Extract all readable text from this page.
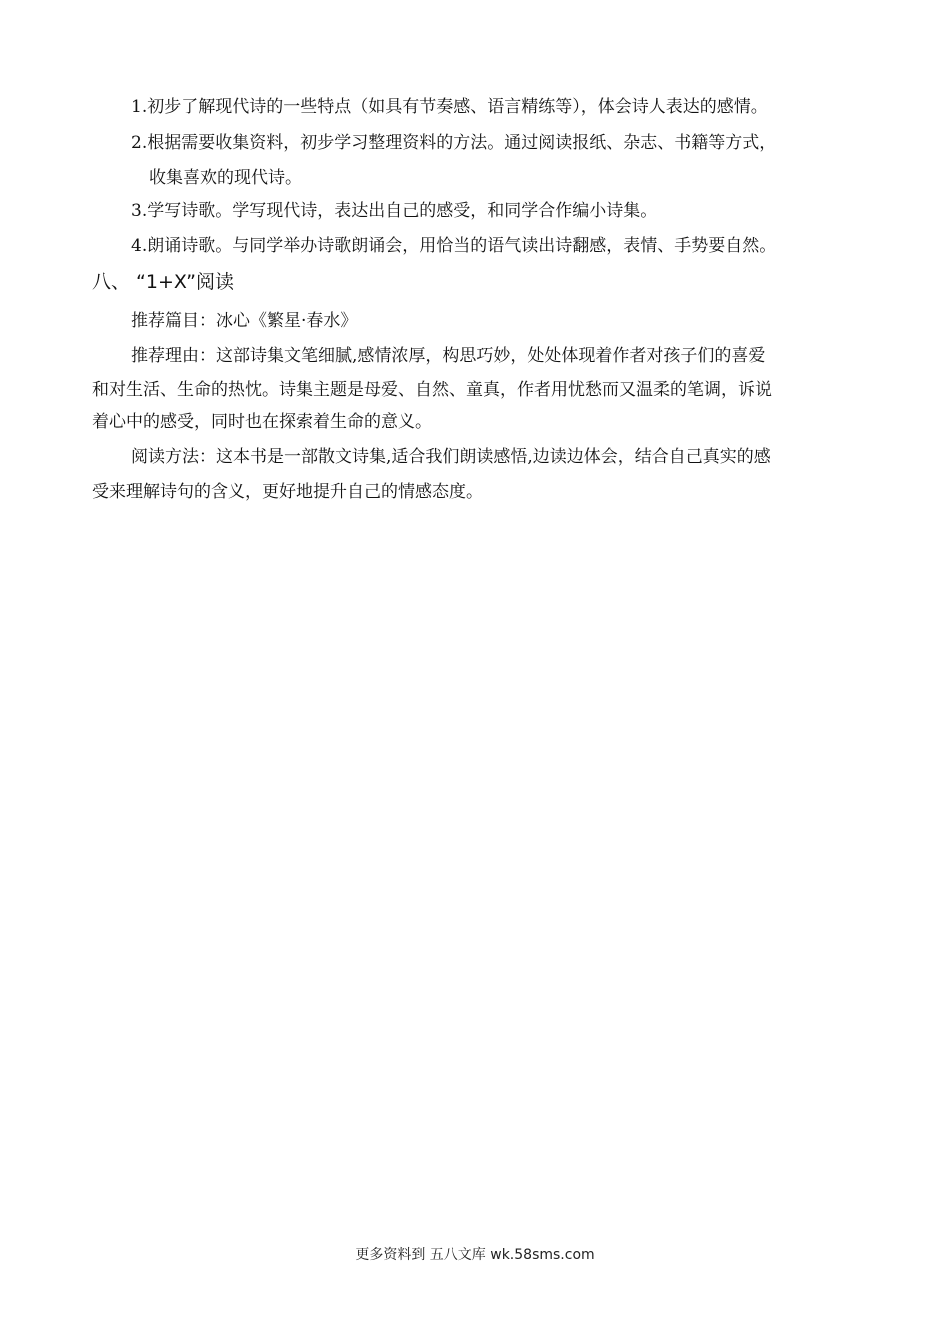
1.初步了解现代诗的一些特点（如具有节奏感、语言精练等），体会诗人表达的感情。
2.根据需要收集资料，初步学习整理资料的方法。通过阅读报纸、杂志、书籍等方式，
收集喜欢的现代诗。
3.学写诗歌。学写现代诗，表达出自己的感受，和同学合作编小诗集。
4.朗诵诗歌。与同学举办诗歌朗诵会，用恰当的语气读出诗翻感，表情、手势要自然。
八、 “1+X”阅读
推荐篇目：冰心《繁星·春水》
推荐理由：这部诗集文笔细腻,感情浓厚，构思巧妙，处处体现着作者对孩子们的喜爱
和对生活、生命的热忱。诗集主题是母爱、自然、童真，作者用忧愁而又温柔的笔调，诉说
着心中的感受，同时也在探索着生命的意义。
阅读方法：这本书是一部散文诗集,适合我们朗读感悟,边读边体会，结合自己真实的感
受来理解诗句的含义，更好地提升自己的情感态度。
更多资料到 五八文库 wk.58sms.com
